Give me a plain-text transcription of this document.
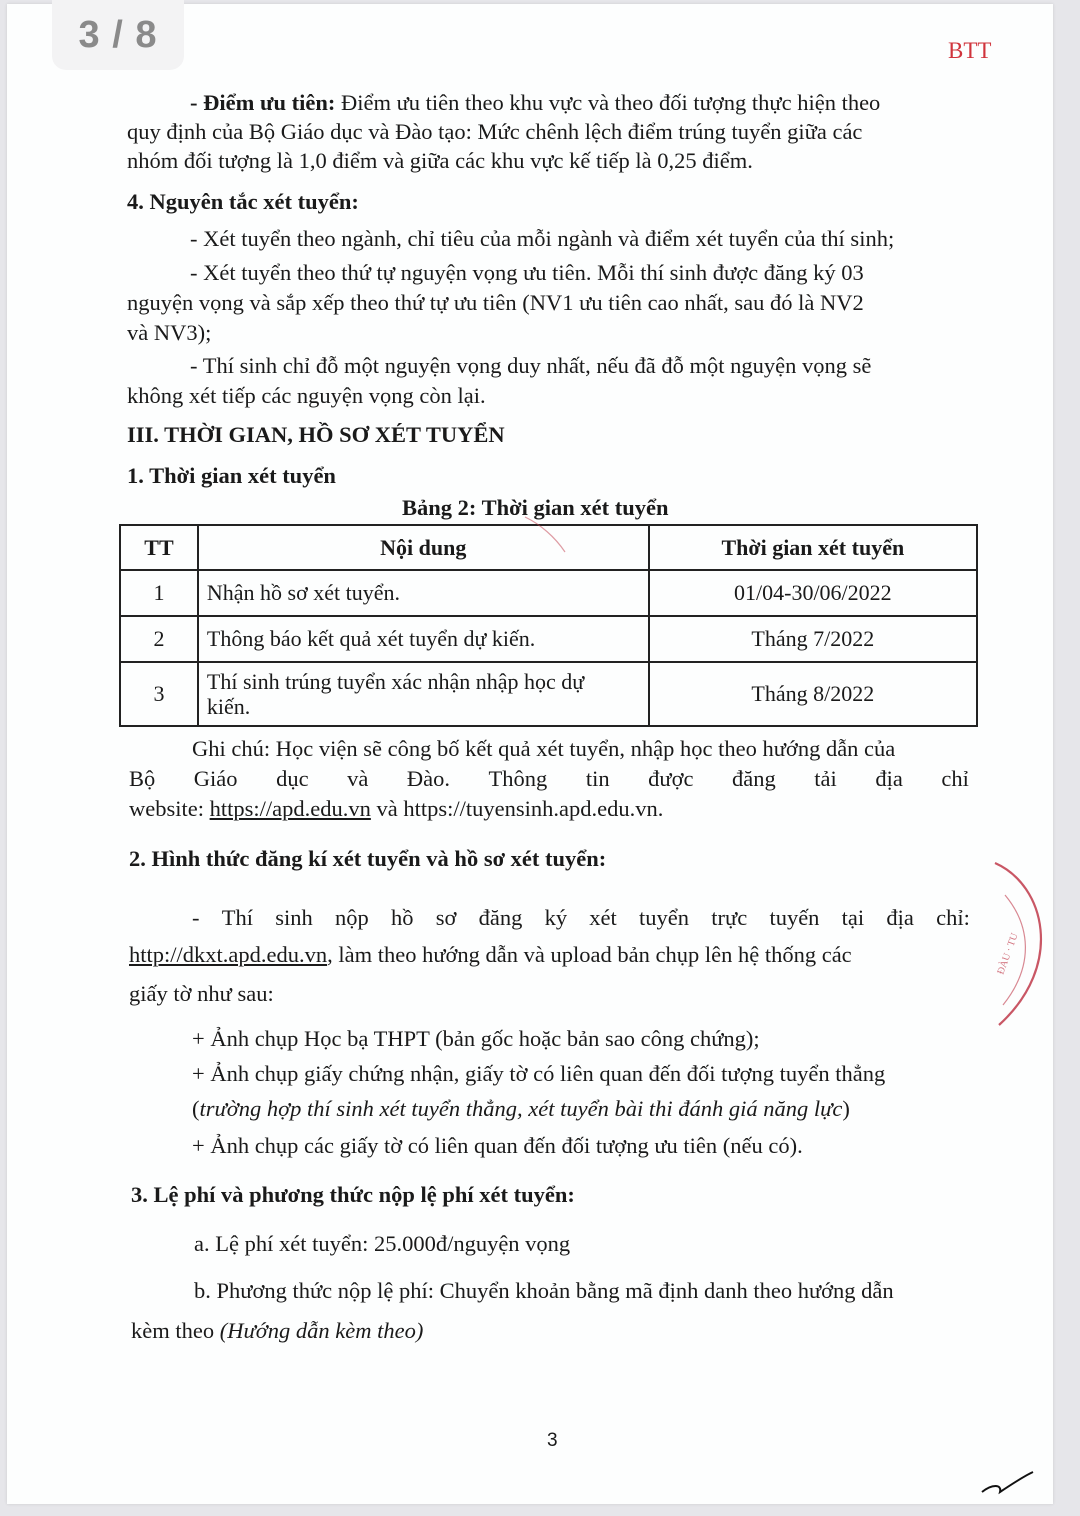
3 / 8	BTT
- Điểm ưu tiên: Điểm ưu tiên theo khu vực và theo đối tượng thực hiện theo
quy định của Bộ Giáo dục và Đào tạo: Mức chênh lệch điểm trúng tuyển giữa các
nhóm đối tượng là 1,0 điểm và giữa các khu vực kế tiếp là 0,25 điểm.
4. Nguyên tắc xét tuyển:
- Xét tuyển theo ngành, chỉ tiêu của mỗi ngành và điểm xét tuyển của thí sinh;
- Xét tuyển theo thứ tự nguyện vọng ưu tiên. Mỗi thí sinh được đăng ký 03
nguyện vọng và sắp xếp theo thứ tự ưu tiên (NV1 ưu tiên cao nhất, sau đó là NV2
và NV3);
- Thí sinh chỉ đỗ một nguyện vọng duy nhất, nếu đã đỗ một nguyện vọng sẽ
không xét tiếp các nguyện vọng còn lại.
III. THỜI GIAN, HỒ SƠ XÉT TUYỂN
1. Thời gian xét tuyển
Bảng 2: Thời gian xét tuyển
TT	Nội dung	Thời gian xét tuyển
1	Nhận hồ sơ xét tuyển.	01/04-30/06/2022
2	Thông báo kết quả xét tuyển dự kiến.	Tháng 7/2022
3	Thí sinh trúng tuyển xác nhận nhập học dự
kiến.	Tháng 8/2022
Ghi chú: Học viện sẽ công bố kết quả xét tuyển, nhập học theo hướng dẫn của
Bộ Giáo dục và Đào. Thông tin được đăng tải địa chỉ
website: https://apd.edu.vn và https://tuyensinh.apd.edu.vn.
2. Hình thức đăng kí xét tuyển và hồ sơ xét tuyển:
- Thí sinh nộp hồ sơ đăng ký xét tuyển trực tuyến tại địa chỉ:
http://dkxt.apd.edu.vn, làm theo hướng dẫn và upload bản chụp lên hệ thống các
giấy tờ như sau:
+ Ảnh chụp Học bạ THPT (bản gốc hoặc bản sao công chứng);
+ Ảnh chụp giấy chứng nhận, giấy tờ có liên quan đến đối tượng tuyển thẳng
(trường hợp thí sinh xét tuyển thẳng, xét tuyển bài thi đánh giá năng lực)
+ Ảnh chụp các giấy tờ có liên quan đến đối tượng ưu tiên (nếu có).
3. Lệ phí và phương thức nộp lệ phí xét tuyển:
a. Lệ phí xét tuyển: 25.000đ/nguyện vọng
b. Phương thức nộp lệ phí: Chuyển khoản bằng mã định danh theo hướng dẫn
kèm theo (Hướng dẫn kèm theo)
3
ĐÀU · TU
